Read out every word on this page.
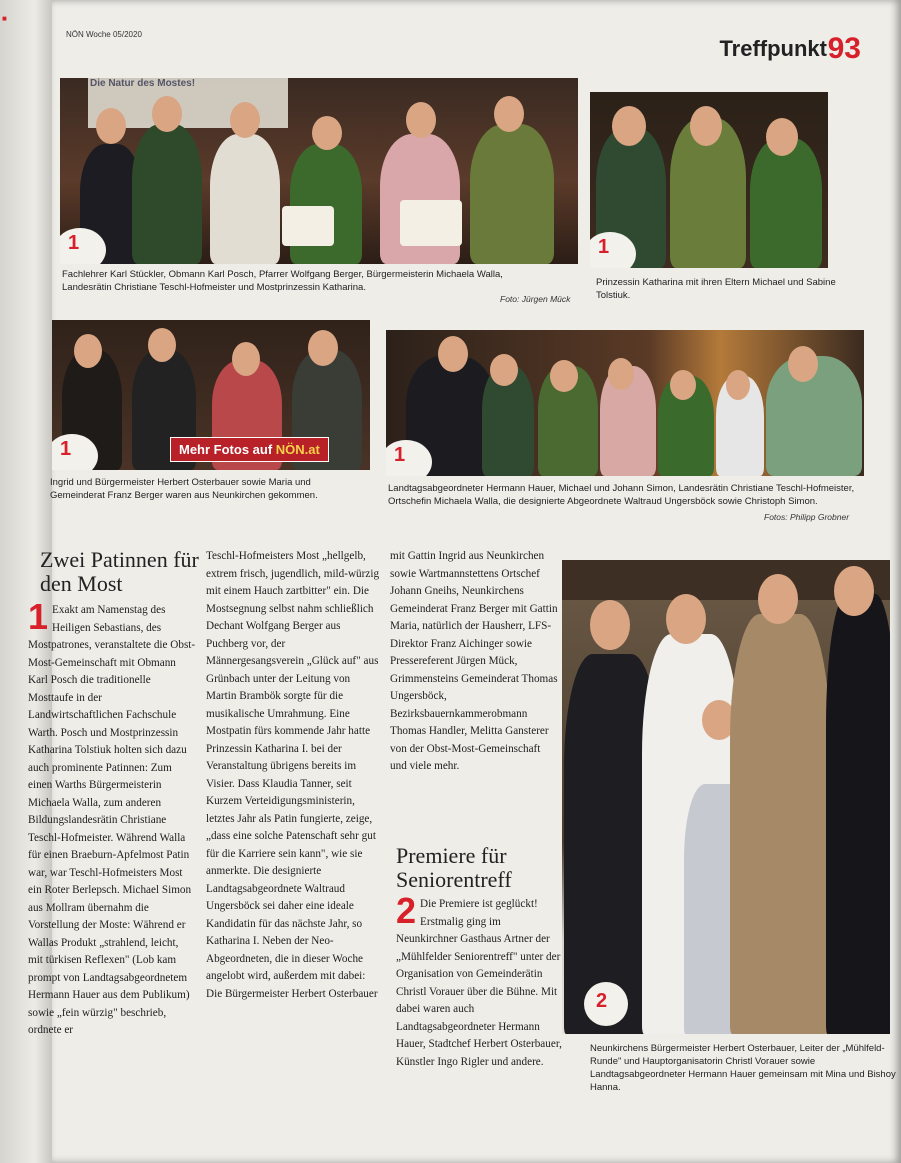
■
NÖN Woche 05/2020
Treffpunkt 93
Die Natur des Mostes!
1
Fachlehrer Karl Stückler, Obmann Karl Posch, Pfarrer Wolfgang Berger, Bürgermeisterin Michaela Walla, Landesrätin Christiane Teschl-Hofmeister und Mostprinzessin Katharina.
Foto: Jürgen Mück
1
Prinzessin Katharina mit ihren Eltern Michael und Sabine Tolstiuk.
1	Mehr Fotos auf NÖN.at
Ingrid und Bürgermeister Herbert Osterbauer sowie Maria und Gemeinderat Franz Berger waren aus Neunkirchen gekommen.
1
Landtagsabgeordneter Hermann Hauer, Michael und Johann Simon, Landesrätin Christiane Teschl-Hofmeister, Ortschefin Michaela Walla, die designierte Abgeordnete Waltraud Ungersböck sowie Christoph Simon.
Fotos: Philipp Grobner
Zwei Patinnen für den Most
1 Exakt am Namenstag des Heiligen Sebastians, des Mostpatrones, veranstaltete die Obst-Most-Gemeinschaft mit Obmann Karl Posch die traditionelle Mosttaufe in der Landwirtschaftlichen Fachschule Warth. Posch und Mostprinzessin Katharina Tolstiuk holten sich dazu auch prominente Patinnen: Zum einen Warths Bürgermeisterin Michaela Walla, zum anderen Bildungslandesrätin Christiane Teschl-Hofmeister. Während Walla für einen Braeburn-Apfelmost Patin war, war Teschl-Hofmeisters Most ein Roter Berlepsch. Michael Simon aus Mollram übernahm die Vorstellung der Moste: Während er Wallas Produkt „strahlend, leicht, mit türkisen Reflexen" (Lob kam prompt von Landtagsabgeordnetem Hermann Hauer aus dem Publikum) sowie „fein würzig" beschrieb, ordnete er
Teschl-Hofmeisters Most „hellgelb, extrem frisch, jugendlich, mild-würzig mit einem Hauch zartbitter" ein. Die Mostsegnung selbst nahm schließlich Dechant Wolfgang Berger aus Puchberg vor, der Männergesangsverein „Glück auf" aus Grünbach unter der Leitung von Martin Brambök sorgte für die musikalische Umrahmung. Eine Mostpatin fürs kommende Jahr hatte Prinzessin Katharina I. bei der Veranstaltung übrigens bereits im Visier. Dass Klaudia Tanner, seit Kurzem Verteidigungsministerin, letztes Jahr als Patin fungierte, zeige, „dass eine solche Patenschaft sehr gut für die Karriere sein kann", wie sie anmerkte. Die designierte Landtagsabgeordnete Waltraud Ungersböck sei daher eine ideale Kandidatin für das nächste Jahr, so Katharina I. Neben der Neo-Abgeordneten, die in dieser Woche angelobt wird, außerdem mit dabei: Die Bürgermeister Herbert Osterbauer
mit Gattin Ingrid aus Neunkirchen sowie Wartmannstettens Ortschef Johann Gneihs, Neunkirchens Gemeinderat Franz Berger mit Gattin Maria, natürlich der Hausherr, LFS-Direktor Franz Aichinger sowie Pressereferent Jürgen Mück, Grimmensteins Gemeinderat Thomas Ungersböck, Bezirksbauernkammerobmann Thomas Handler, Melitta Gansterer von der Obst-Most-Gemeinschaft und viele mehr.
Premiere für Seniorentreff
2 Die Premiere ist geglückt! Erstmalig ging im Neunkirchner Gasthaus Artner der „Mühlfelder Seniorentreff" unter der Organisation von Gemeinderätin Christl Vorauer über die Bühne. Mit dabei waren auch Landtagsabgeordneter Hermann Hauer, Stadtchef Herbert Osterbauer, Künstler Ingo Rigler und andere.
2
Neunkirchens Bürgermeister Herbert Osterbauer, Leiter der „Mühlfeld-Runde" und Hauptorganisatorin Christl Vorauer sowie Landtagsabgeordneter Hermann Hauer gemeinsam mit Mina und Bishoy Hanna.
